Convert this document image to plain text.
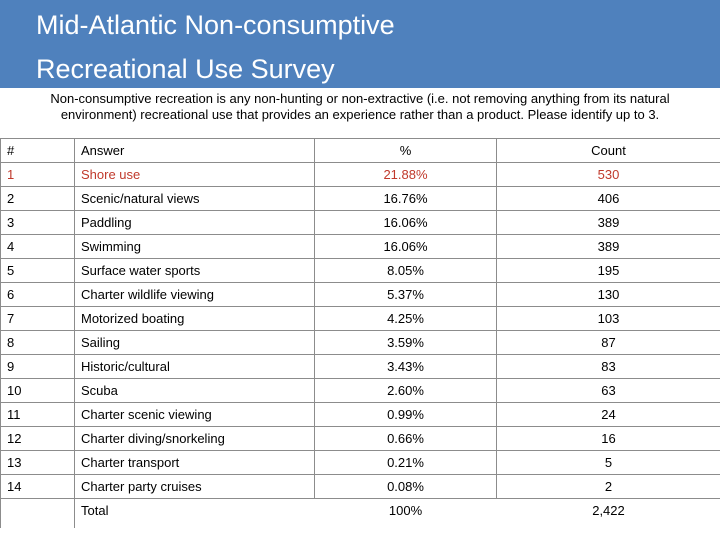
Mid-Atlantic Non-consumptive
Recreational Use Survey
Non-consumptive recreation is any non-hunting or non-extractive (i.e. not removing anything from its natural
environment) recreational use that provides an experience rather than a product. Please identify up to 3.
#	Answer	%	Count
1	Shore use	21.88%	530
2	Scenic/natural views	16.76%	406
3	Paddling	16.06%	389
4	Swimming	16.06%	389
5	Surface water sports	8.05%	195
6	Charter wildlife viewing	5.37%	130
7	Motorized boating	4.25%	103
8	Sailing	3.59%	87
9	Historic/cultural	3.43%	83
10	Scuba	2.60%	63
11	Charter scenic viewing	0.99%	24
12	Charter diving/snorkeling	0.66%	16
13	Charter transport	0.21%	5
14	Charter party cruises	0.08%	2
	Total	100%	2,422
